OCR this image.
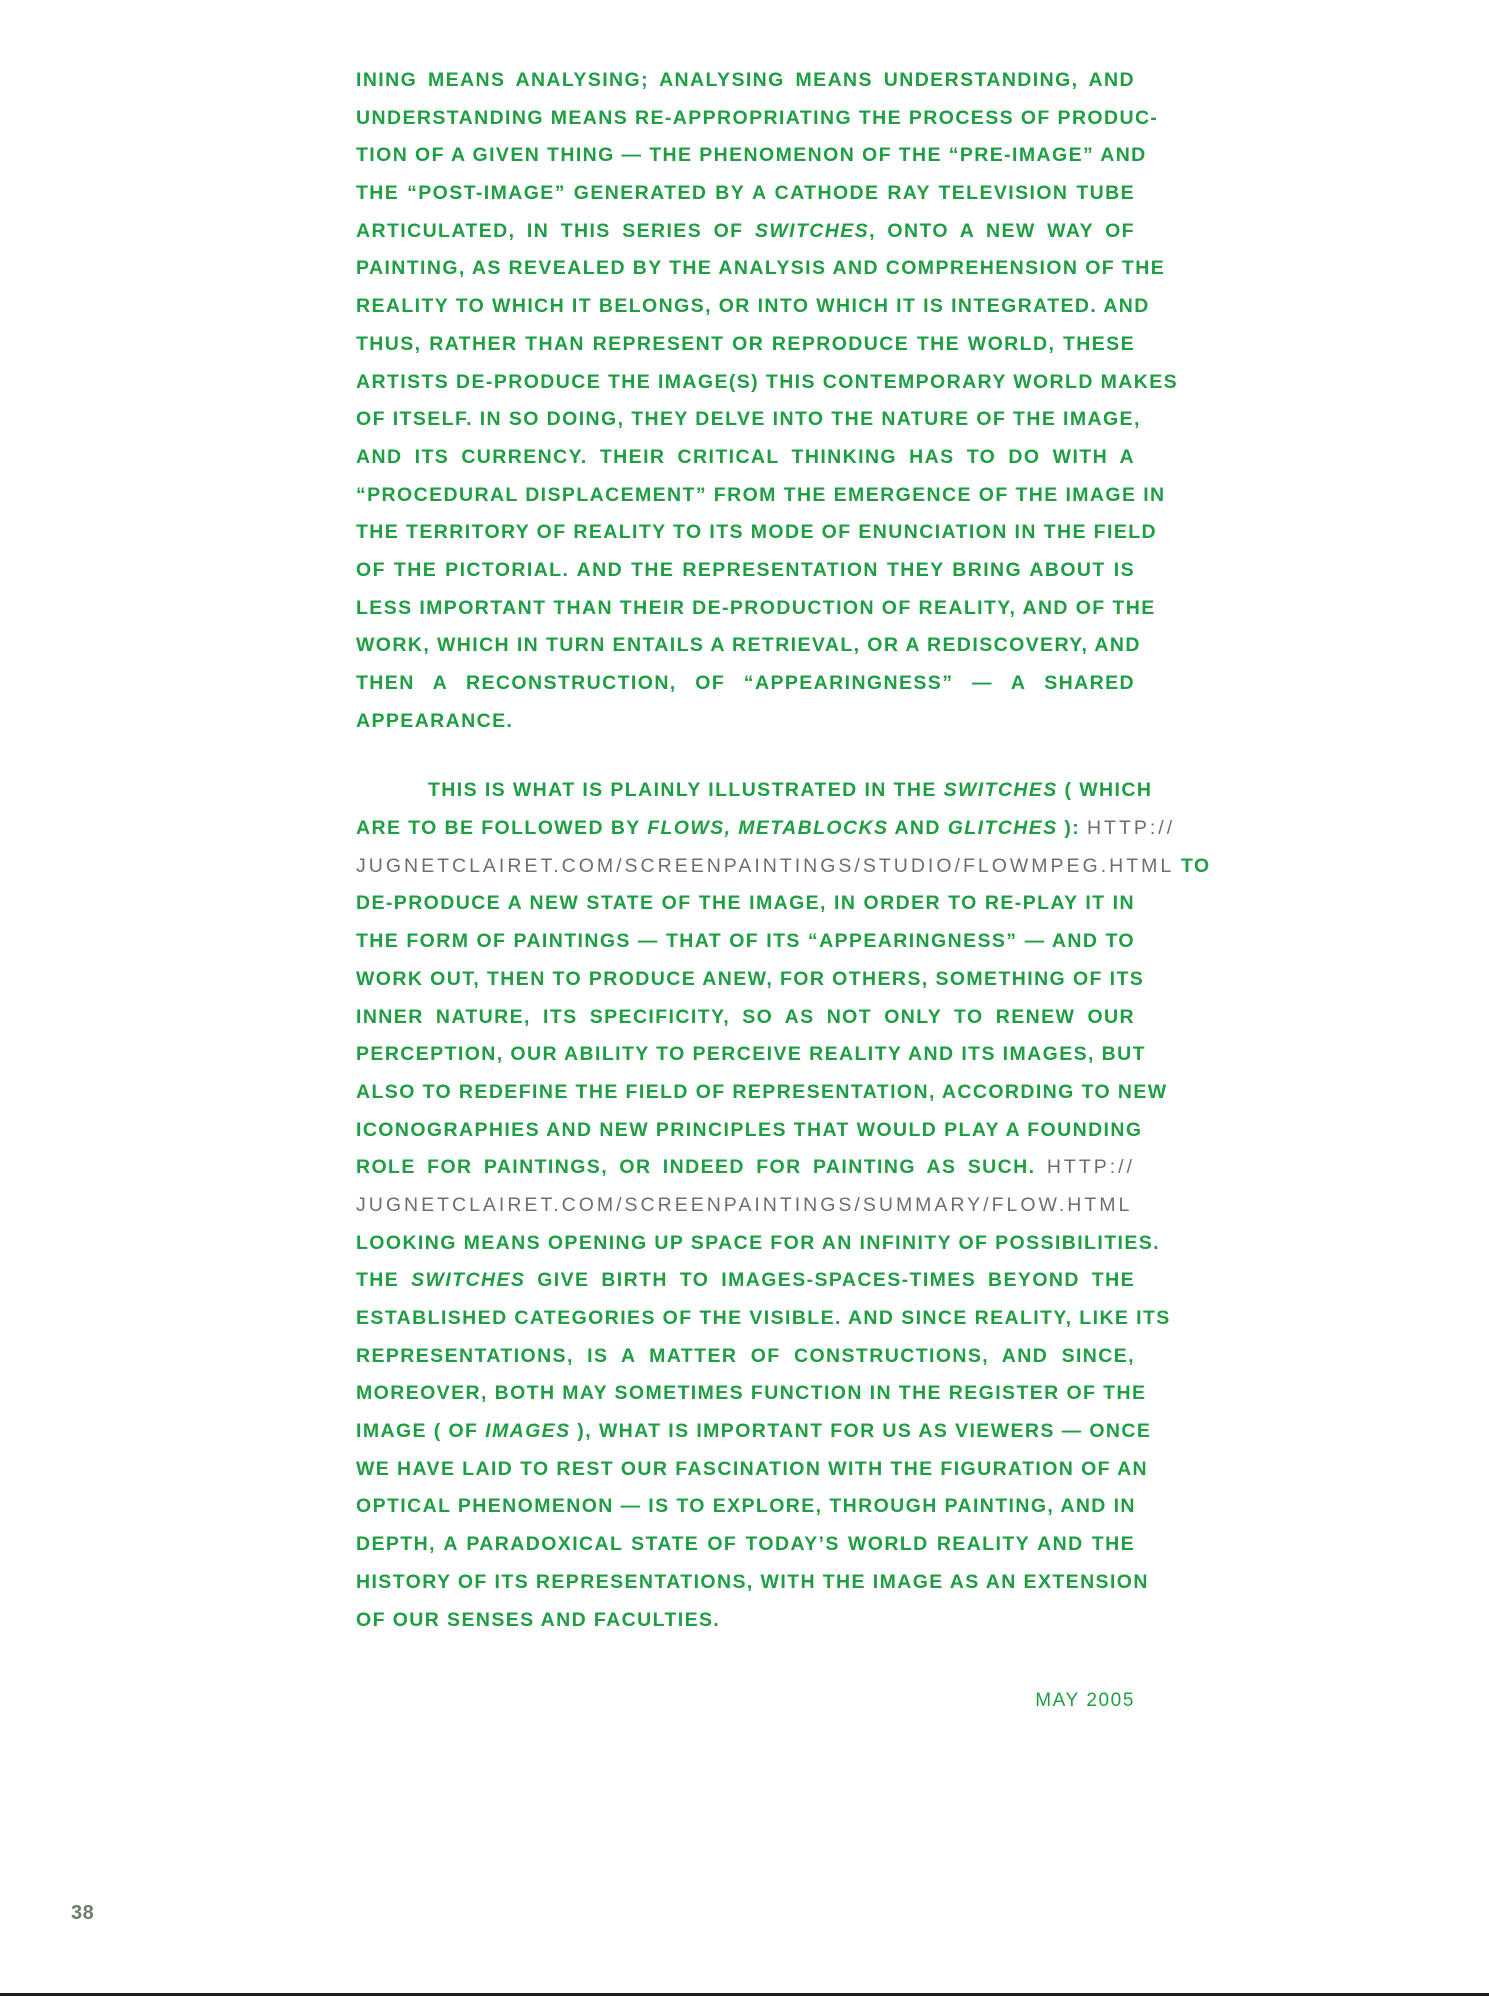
INING MEANS ANALYSING; ANALYSING MEANS UNDERSTANDING, AND
UNDERSTANDING MEANS RE-APPROPRIATING THE PROCESS OF PRODUC-
TION OF A GIVEN THING — THE PHENOMENON OF THE “PRE-IMAGE” AND
THE “POST-IMAGE” GENERATED BY A CATHODE RAY TELEVISION TUBE
ARTICULATED, IN THIS SERIES OF SWITCHES, ONTO A NEW WAY OF
PAINTING, AS REVEALED BY THE ANALYSIS AND COMPREHENSION OF THE
REALITY TO WHICH IT BELONGS, OR INTO WHICH IT IS INTEGRATED. AND
THUS, RATHER THAN REPRESENT OR REPRODUCE THE WORLD, THESE
ARTISTS DE-PRODUCE THE IMAGE(S) THIS CONTEMPORARY WORLD MAKES
OF ITSELF. IN SO DOING, THEY DELVE INTO THE NATURE OF THE IMAGE,
AND ITS CURRENCY. THEIR CRITICAL THINKING HAS TO DO WITH A
“PROCEDURAL DISPLACEMENT” FROM THE EMERGENCE OF THE IMAGE IN
THE TERRITORY OF REALITY TO ITS MODE OF ENUNCIATION IN THE FIELD
OF THE PICTORIAL. AND THE REPRESENTATION THEY BRING ABOUT IS
LESS IMPORTANT THAN THEIR DE-PRODUCTION OF REALITY, AND OF THE
WORK, WHICH IN TURN ENTAILS A RETRIEVAL, OR A REDISCOVERY, AND
THEN A RECONSTRUCTION, OF “APPEARINGNESS” — A SHARED
APPEARANCE.
THIS IS WHAT IS PLAINLY ILLUSTRATED IN THE SWITCHES ( WHICH
ARE TO BE FOLLOWED BY FLOWS, METABLOCKS AND GLITCHES ): HTTP://
JUGNETCLAIRET.COM/SCREENPAINTINGS/STUDIO/FLOWMPEG.HTML TO
DE-PRODUCE A NEW STATE OF THE IMAGE, IN ORDER TO RE-PLAY IT IN
THE FORM OF PAINTINGS — THAT OF ITS “APPEARINGNESS” — AND TO
WORK OUT, THEN TO PRODUCE ANEW, FOR OTHERS, SOMETHING OF ITS
INNER NATURE, ITS SPECIFICITY, SO AS NOT ONLY TO RENEW OUR
PERCEPTION, OUR ABILITY TO PERCEIVE REALITY AND ITS IMAGES, BUT
ALSO TO REDEFINE THE FIELD OF REPRESENTATION, ACCORDING TO NEW
ICONOGRAPHIES AND NEW PRINCIPLES THAT WOULD PLAY A FOUNDING
ROLE FOR PAINTINGS, OR INDEED FOR PAINTING AS SUCH. HTTP://
JUGNETCLAIRET.COM/SCREENPAINTINGS/SUMMARY/FLOW.HTML
LOOKING MEANS OPENING UP SPACE FOR AN INFINITY OF POSSIBILITIES.
THE SWITCHES GIVE BIRTH TO IMAGES-SPACES-TIMES BEYOND THE
ESTABLISHED CATEGORIES OF THE VISIBLE. AND SINCE REALITY, LIKE ITS
REPRESENTATIONS, IS A MATTER OF CONSTRUCTIONS, AND SINCE,
MOREOVER, BOTH MAY SOMETIMES FUNCTION IN THE REGISTER OF THE
IMAGE ( OF IMAGES ), WHAT IS IMPORTANT FOR US AS VIEWERS — ONCE
WE HAVE LAID TO REST OUR FASCINATION WITH THE FIGURATION OF AN
OPTICAL PHENOMENON — IS TO EXPLORE, THROUGH PAINTING, AND IN
DEPTH, A PARADOXICAL STATE OF TODAY’S WORLD REALITY AND THE
HISTORY OF ITS REPRESENTATIONS, WITH THE IMAGE AS AN EXTENSION
OF OUR SENSES AND FACULTIES.
MAY 2005
38
